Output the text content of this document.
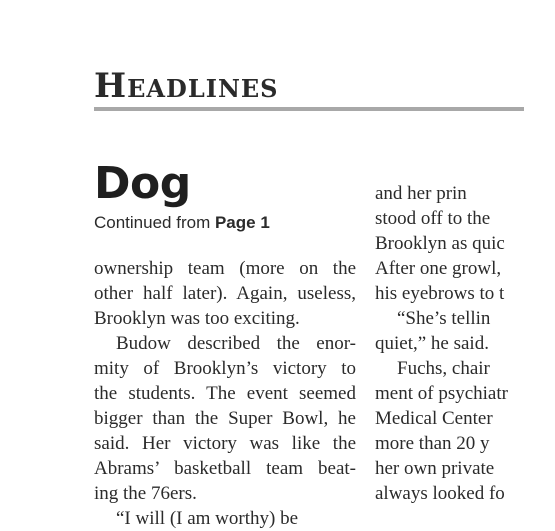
Headlines
Dog
Continued from Page 1
ownership team (more on the
other half later). Again, useless,
Brooklyn was too exciting.
Budow described the enor-
mity of Brooklyn’s victory to
the students. The event seemed
bigger than the Super Bowl, he
said. Her victory was like the
Abrams’ basketball team beat-
ing the 76ers.
“I will (I am worthy) be
and her prin
stood off to the
Brooklyn as quic
After one growl,
his eyebrows to t
“She’s tellin
quiet,” he said.
Fuchs, chair
ment of psychiatr
Medical Center
more than 20 y
her own private
always looked fo
